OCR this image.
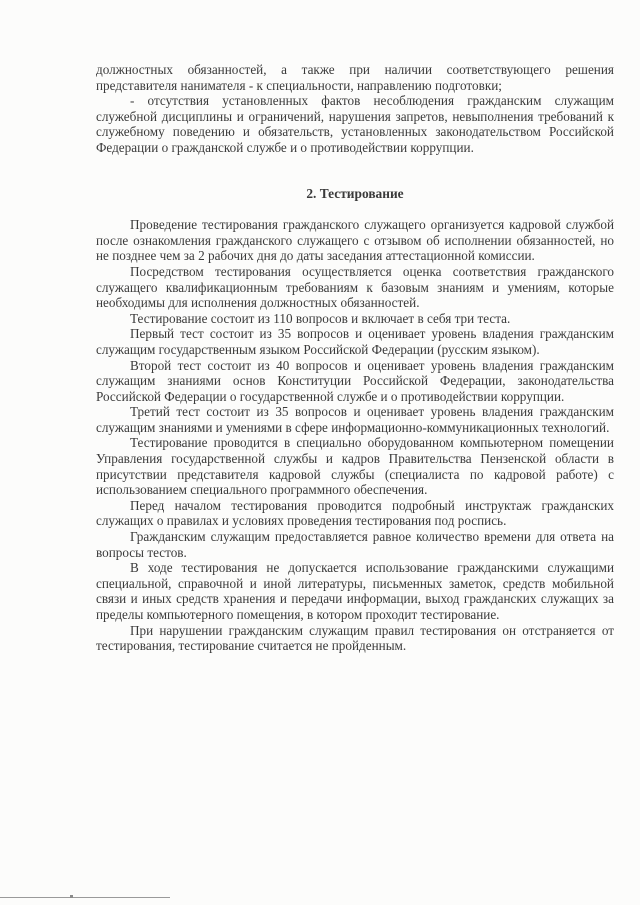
должностных обязанностей, а также при наличии соответствующего решения представителя нанимателя - к специальности, направлению подготовки;

- отсутствия установленных фактов несоблюдения гражданским служащим служебной дисциплины и ограничений, нарушения запретов, невыполнения требований к служебному поведению и обязательств, установленных законодательством Российской Федерации о гражданской службе и о противодействии коррупции.

2. Тестирование

Проведение тестирования гражданского служащего организуется кадровой службой после ознакомления гражданского служащего с отзывом об исполнении обязанностей, но не позднее чем за 2 рабочих дня до даты заседания аттестационной комиссии.

Посредством тестирования осуществляется оценка соответствия гражданского служащего квалификационным требованиям к базовым знаниям и умениям, которые необходимы для исполнения должностных обязанностей.

Тестирование состоит из 110 вопросов и включает в себя три теста.

Первый тест состоит из 35 вопросов и оценивает уровень владения гражданским служащим государственным языком Российской Федерации (русским языком).

Второй тест состоит из 40 вопросов и оценивает уровень владения гражданским служащим знаниями основ Конституции Российской Федерации, законодательства Российской Федерации о государственной службе и о противодействии коррупции.

Третий тест состоит из 35 вопросов и оценивает уровень владения гражданским служащим знаниями и умениями в сфере информационно-коммуникационных технологий.

Тестирование проводится в специально оборудованном компьютерном помещении Управления государственной службы и кадров Правительства Пензенской области в присутствии представителя кадровой службы (специалиста по кадровой работе) с использованием специального программного обеспечения.

Перед началом тестирования проводится подробный инструктаж гражданских служащих о правилах и условиях проведения тестирования под роспись.

Гражданским служащим предоставляется равное количество времени для ответа на вопросы тестов.

В ходе тестирования не допускается использование гражданскими служащими специальной, справочной и иной литературы, письменных заметок, средств мобильной связи и иных средств хранения и передачи информации, выход гражданских служащих за пределы компьютерного помещения, в котором проходит тестирование.

При нарушении гражданским служащим правил тестирования он отстраняется от тестирования, тестирование считается не пройденным.
